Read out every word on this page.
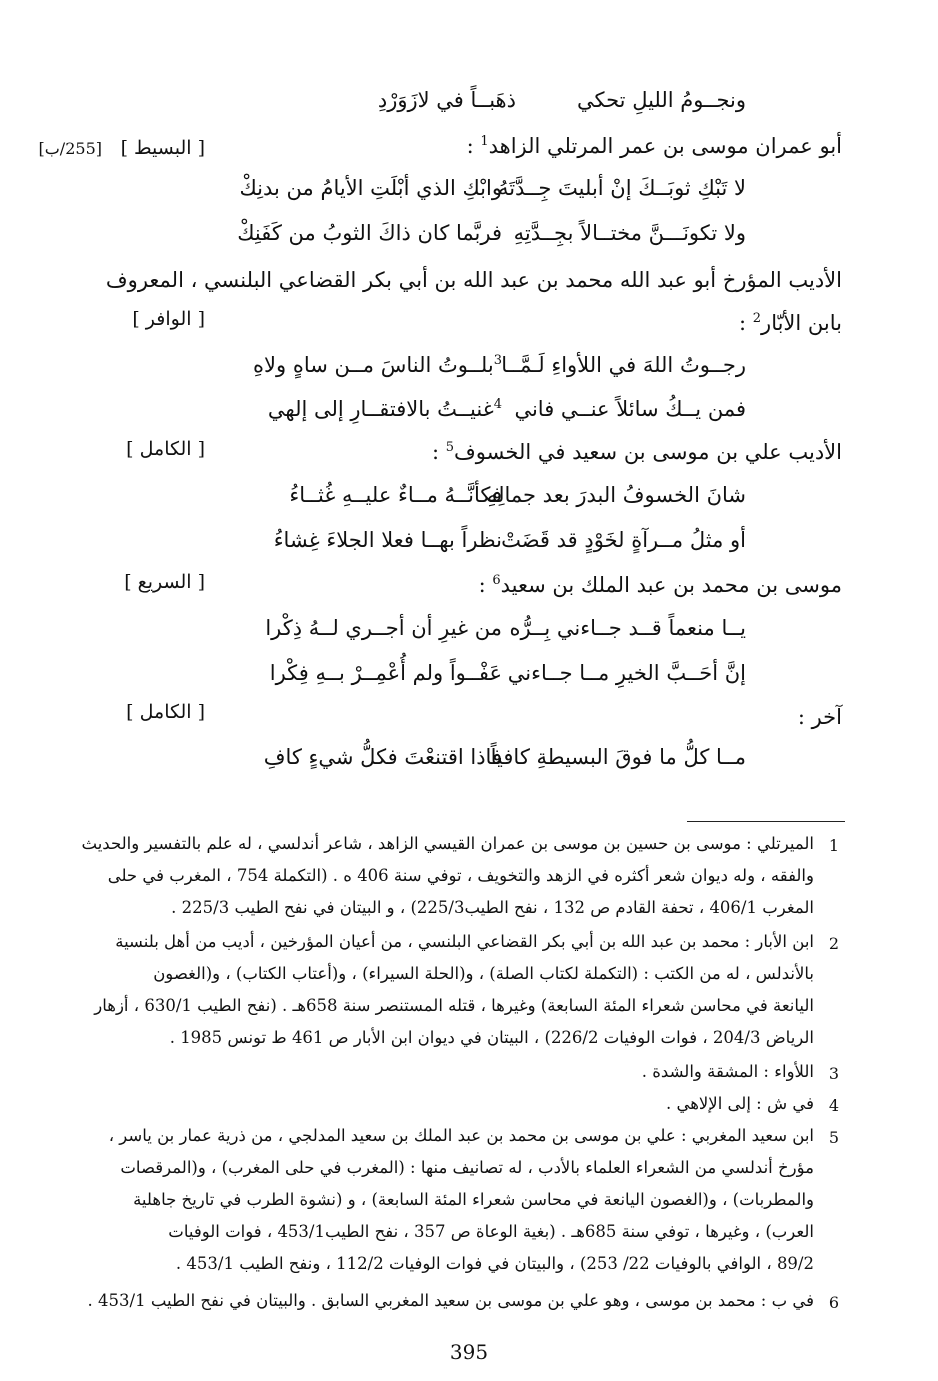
ونجــومُ الليلِ تحكي
ذهَبــاً في لازَوَرْدِ
أبو عمران موسى بن عمر المرتلي الزاهد$^1$ :
[ البسيط ]
[255/ب]
لا تَبْكِ ثوبَــكَ إنْ أبليتَ جِــدَّتَهُ
وابْكِ الذي أبْلَتِ الأيامُ من بدنِكْ
ولا تكونَـــنَّ مختــالاً بجِــدَّتِهِ
فربَّما كان ذاكَ الثوبُ من كَفَنِكْ
الأديب المؤرخ أبو عبد الله محمد بن عبد الله بن أبي بكر القضاعي البلنسي ، المعروف
بابن الأبّار$^2$ :
[ الوافر ]
رجــوتُ اللهَ في اللأواءِ لَـمَّــا
$^3$بلــوتُ الناسَ مــن ساهٍ ولاهِ
فمن يــكُ سائلاً عنــي فاني
$^4$غنيــتُ بالافتقــارِ إلى إلهي
الأديب علي بن موسى بن سعيد في الخسوف$^5$ :
[ الكامل ]
شانَ الخسوفُ البدرَ بعد جمالِهِ
فكأنَّــهُ مــاءٌ عليــهِ غُثــاءُ
أو مثلُ مــرآةٍ لخَوْدٍ قد قَضَتْ
نظراً بهــا فعلا الجلاءَ غِشاءُ
موسى بن محمد بن عبد الملك بن سعيد$^6$ :
[ السريع ]
يــا منعماً قــد جــاءني بِــرُّه
من غيرِ أن أجــري لــهُ ذِكْرا
إنَّ أحَــبَّ الخيرِ مــا جــاءني
عَفْــواً ولم أُعْمِــرْ بــهِ فِكْرا
آخر :
[ الكامل ]
مــا كلُّ ما فوقَ البسيطةِ كافياً
فاذا اقتنعْتَ فكلُّ شيءٍ كافِ
1
الميرتلي : موسى بن حسين بن موسى بن عمران القيسي الزاهد ، شاعر أندلسي ، له علم بالتفسير والحديث
والفقه ، وله ديوان شعر أكثره في الزهد والتخويف ، توفي سنة 406 ه . (التكملة 754 ، المغرب في حلى
المغرب 406/1 ، تحفة القادم ص 132 ، نفح الطيب225/3) ، و البيتان في نفح الطيب 225/3 .
2
ابن الأبار : محمد بن عبد الله بن أبي بكر القضاعي البلنسي ، من أعيان المؤرخين ، أديب من أهل بلنسية
بالأندلس ، له من الكتب : (التكملة لكتاب الصلة) ، و(الحلة السيراء) ، و(أعتاب الكتاب) ، و(الغصون
اليانعة في محاسن شعراء المئة السابعة) وغيرها ، قتله المستنصر سنة 658هـ . (نفح الطيب 630/1 ، أزهار
الرياض 204/3 ، فوات الوفيات 226/2) ، البيتان في ديوان ابن الأبار ص 461 ط تونس 1985 .
3
اللأواء : المشقة والشدة .
4
في ش : إلى الإلاهي .
5
ابن سعيد المغربي : علي بن موسى بن محمد بن عبد الملك بن سعيد المدلجي ، من ذرية عمار بن ياسر ،
مؤرخ أندلسي من الشعراء العلماء بالأدب ، له تصانيف منها : (المغرب في حلى المغرب) ، و(المرقصات
والمطربات) ، و(الغصون اليانعة في محاسن شعراء المئة السابعة) ، و (نشوة الطرب في تاريخ جاهلية
العرب) ، وغيرها ، توفي سنة 685هـ . (بغية الوعاة ص 357 ، نفح الطيب453/1 ، فوات الوفيات
89/2 ، الوافي بالوفيات 22/ 253) ، والبيتان في فوات الوفيات 112/2 ، ونفح الطيب 453/1 .
6
في ب : محمد بن موسى ، وهو علي بن موسى بن سعيد المغربي السابق . والبيتان في نفح الطيب 453/1 .
395
